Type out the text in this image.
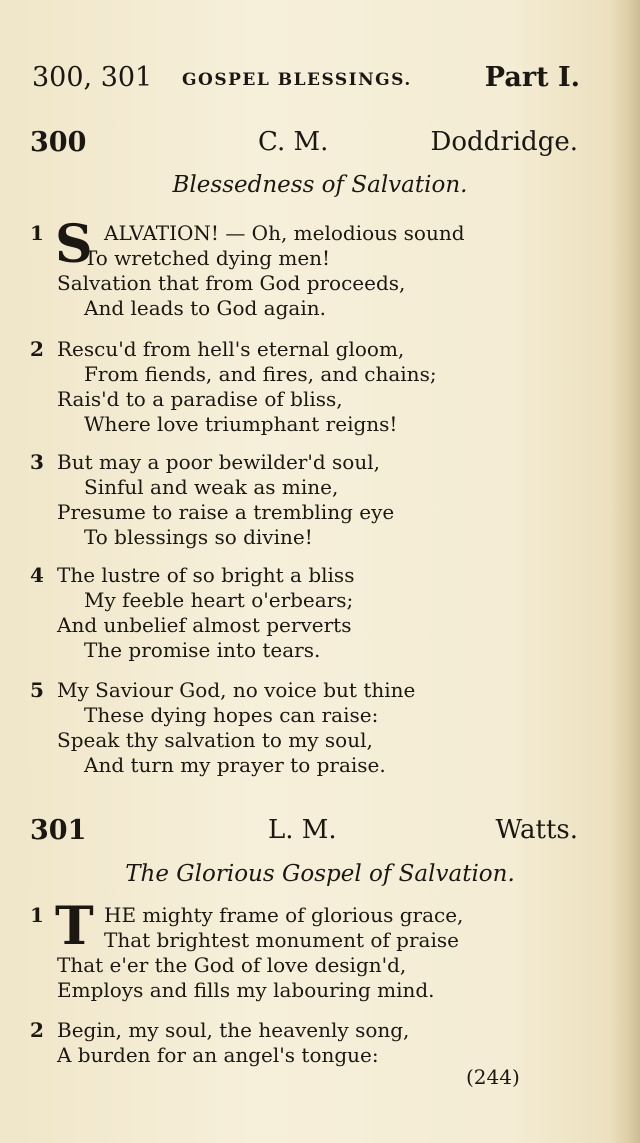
300, 301 GOSPEL BLESSINGS.	Part I.
300	C. M.	Doddridge.
Blessedness of Salvation.
1 S ALVATION! — Oh, melodious sound
To wretched dying men!
Salvation that from God proceeds,
And leads to God again.
2 Rescu'd from hell's eternal gloom,
From fiends, and fires, and chains;
Rais'd to a paradise of bliss,
Where love triumphant reigns!
3 But may a poor bewilder'd soul,
Sinful and weak as mine,
Presume to raise a trembling eye
To blessings so divine!
4 The lustre of so bright a bliss
My feeble heart o'erbears;
And unbelief almost perverts
The promise into tears.
5 My Saviour God, no voice but thine
These dying hopes can raise:
Speak thy salvation to my soul,
And turn my prayer to praise.
301	L. M.	Watts.
The Glorious Gospel of Salvation.
1 T HE mighty frame of glorious grace,
That brightest monument of praise
That e'er the God of love design'd,
Employs and fills my labouring mind.
2 Begin, my soul, the heavenly song,
A burden for an angel's tongue:
(244)
